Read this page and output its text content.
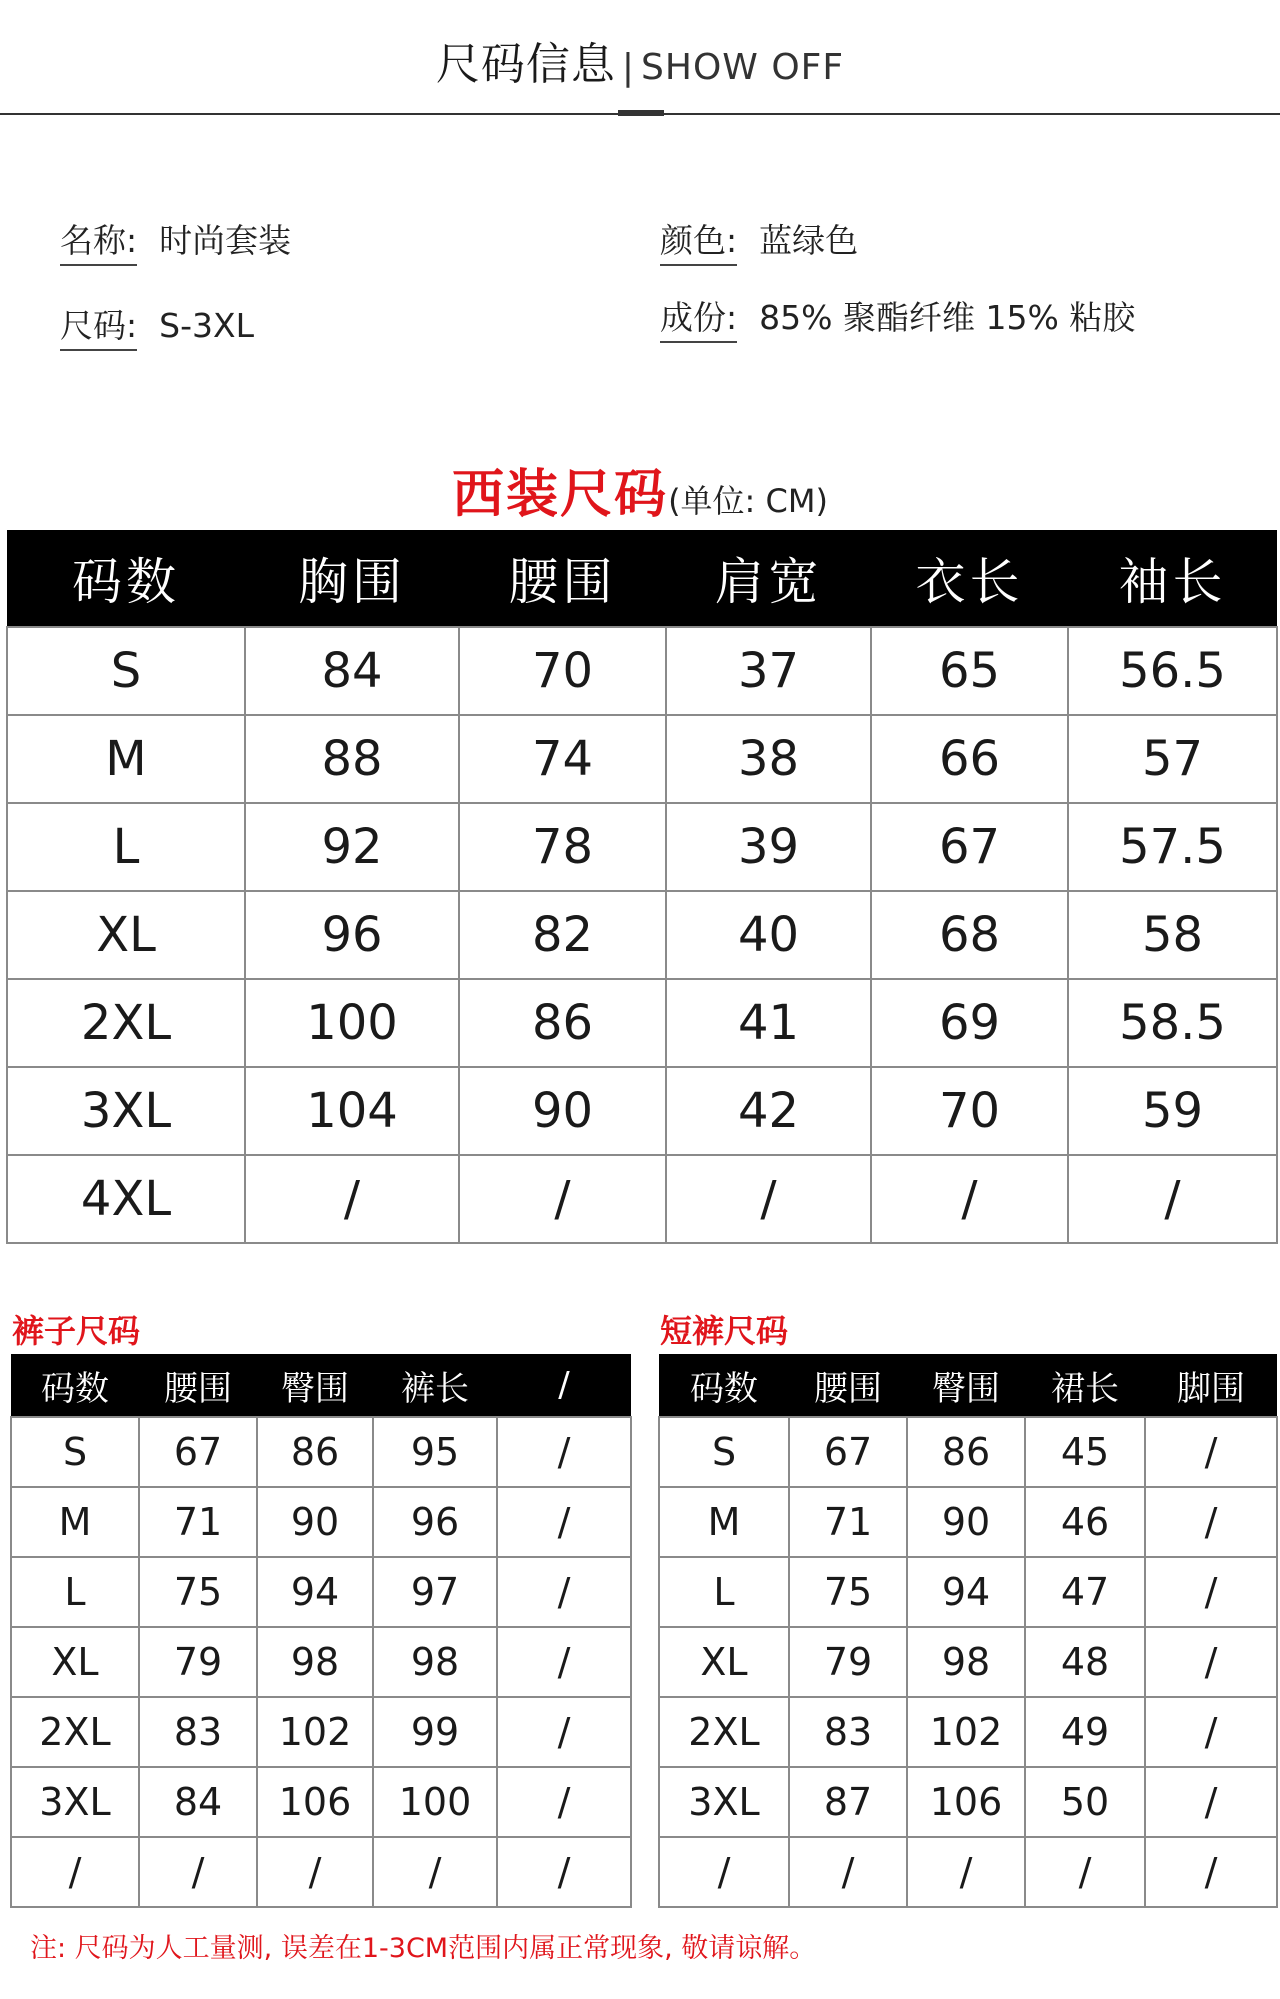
尺码信息 | SHOW OFF
名称: 时尚套装	颜色: 蓝绿色
尺码: S-3XL	成份: 85% 聚酯纤维 15% 粘胶
西装尺码(单位: CM)
码数	胸围	腰围	肩宽	衣长	袖长
S	84	70	37	65	56.5
M	88	74	38	66	57
L	92	78	39	67	57.5
XL	96	82	40	68	58
2XL	100	86	41	69	58.5
3XL	104	90	42	70	59
4XL	/	/	/	/	/
裤子尺码
码数	腰围	臀围	裤长	/
S	67	86	95	/
M	71	90	96	/
L	75	94	97	/
XL	79	98	98	/
2XL	83	102	99	/
3XL	84	106	100	/
/	/	/	/	/
短裤尺码
码数	腰围	臀围	裙长	脚围
S	67	86	45	/
M	71	90	46	/
L	75	94	47	/
XL	79	98	48	/
2XL	83	102	49	/
3XL	87	106	50	/
/	/	/	/	/
注: 尺码为人工量测, 误差在1-3CM范围内属正常现象, 敬请谅解。
